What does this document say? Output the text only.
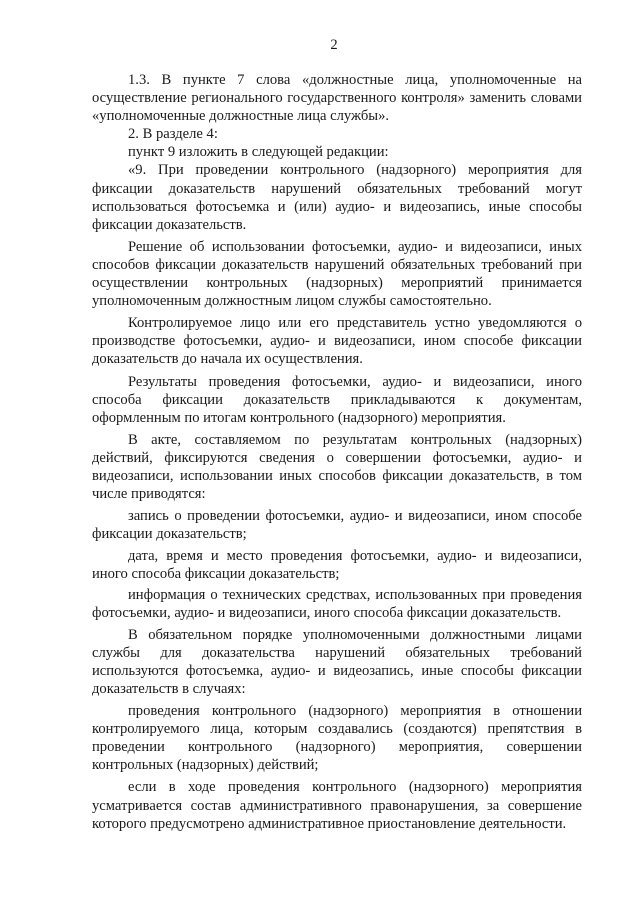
2

1.3. В пункте 7 слова «должностные лица, уполномоченные на осуществление регионального государственного контроля» заменить словами «уполномоченные должностные лица службы».

2. В разделе 4:

пункт 9 изложить в следующей редакции:

«9. При проведении контрольного (надзорного) мероприятия для фиксации доказательств нарушений обязательных требований могут использоваться фотосъемка и (или) аудио- и видеозапись, иные способы фиксации доказательств.

Решение об использовании фотосъемки, аудио- и видеозаписи, иных способов фиксации доказательств нарушений обязательных требований при осуществлении контрольных (надзорных) мероприятий принимается уполномоченным должностным лицом службы самостоятельно.

Контролируемое лицо или его представитель устно уведомляются о производстве фотосъемки, аудио- и видеозаписи, ином способе фиксации доказательств до начала их осуществления.

Результаты проведения фотосъемки, аудио- и видеозаписи, иного способа фиксации доказательств прикладываются к документам, оформленным по итогам контрольного (надзорного) мероприятия.

В акте, составляемом по результатам контрольных (надзорных) действий, фиксируются сведения о совершении фотосъемки, аудио- и видеозаписи, использовании иных способов фиксации доказательств, в том числе приводятся:

запись о проведении фотосъемки, аудио- и видеозаписи, ином способе фиксации доказательств;

дата, время и место проведения фотосъемки, аудио- и видеозаписи, иного способа фиксации доказательств;

информация о технических средствах, использованных при проведения фотосъемки, аудио- и видеозаписи, иного способа фиксации доказательств.

В обязательном порядке уполномоченными должностными лицами службы для доказательства нарушений обязательных требований используются фотосъемка, аудио- и видеозапись, иные способы фиксации доказательств в случаях:

проведения контрольного (надзорного) мероприятия в отношении контролируемого лица, которым создавались (создаются) препятствия в проведении контрольного (надзорного) мероприятия, совершении контрольных (надзорных) действий;

если в ходе проведения контрольного (надзорного) мероприятия усматривается состав административного правонарушения, за совершение которого предусмотрено административное приостановление деятельности.
